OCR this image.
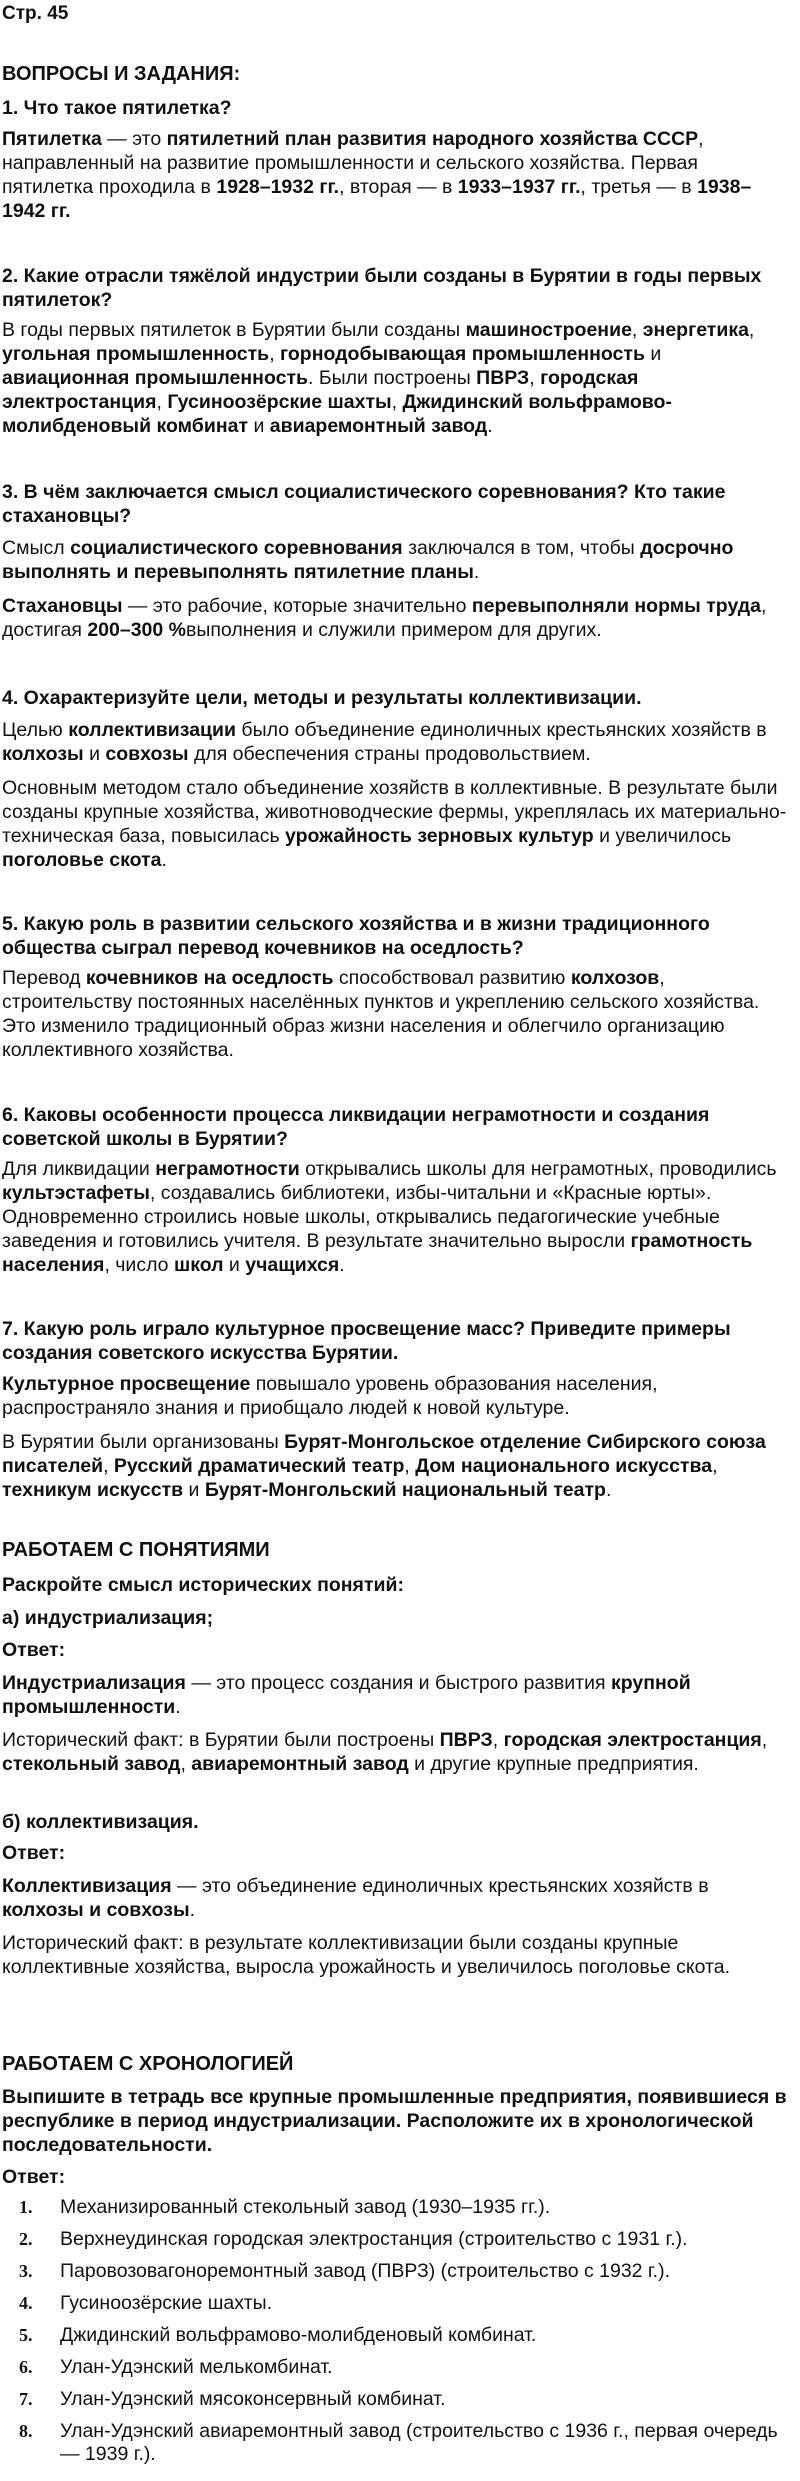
Стр. 45
ВОПРОСЫ И ЗАДАНИЯ:
1. Что такое пятилетка?
Пятилетка — это пятилетний план развития народного хозяйства СССР, направленный на развитие промышленности и сельского хозяйства. Первая пятилетка проходила в 1928–1932 гг., вторая — в 1933–1937 гг., третья — в 1938–1942 гг.
2. Какие отрасли тяжёлой индустрии были созданы в Бурятии в годы первых пятилеток?
В годы первых пятилеток в Бурятии были созданы машиностроение, энергетика, угольная промышленность, горнодобывающая промышленность и авиационная промышленность. Были построены ПВРЗ, городская электростанция, Гусиноозёрские шахты, Джидинский вольфрамово-молибденовый комбинат и авиаремонтный завод.
3. В чём заключается смысл социалистического соревнования? Кто такие стахановцы?
Смысл социалистического соревнования заключался в том, чтобы досрочно выполнять и перевыполнять пятилетние планы.
Стахановцы — это рабочие, которые значительно перевыполняли нормы труда, достигая 200–300 %выполнения и служили примером для других.
4. Охарактеризуйте цели, методы и результаты коллективизации.
Целью коллективизации было объединение единоличных крестьянских хозяйств в колхозы и совхозы для обеспечения страны продовольствием.
Основным методом стало объединение хозяйств в коллективные. В результате были созданы крупные хозяйства, животноводческие фермы, укреплялась их материально-техническая база, повысилась урожайность зерновых культур и увеличилось поголовье скота.
5. Какую роль в развитии сельского хозяйства и в жизни традиционного общества сыграл перевод кочевников на оседлость?
Перевод кочевников на оседлость способствовал развитию колхозов, строительству постоянных населённых пунктов и укреплению сельского хозяйства. Это изменило традиционный образ жизни населения и облегчило организацию коллективного хозяйства.
6. Каковы особенности процесса ликвидации неграмотности и создания советской школы в Бурятии?
Для ликвидации неграмотности открывались школы для неграмотных, проводились культэстафеты, создавались библиотеки, избы-читальни и «Красные юрты». Одновременно строились новые школы, открывались педагогические учебные заведения и готовились учителя. В результате значительно выросли грамотность населения, число школ и учащихся.
7. Какую роль играло культурное просвещение масс? Приведите примеры создания советского искусства Бурятии.
Культурное просвещение повышало уровень образования населения, распространяло знания и приобщало людей к новой культуре.
В Бурятии были организованы Бурят-Монгольское отделение Сибирского союза писателей, Русский драматический театр, Дом национального искусства, техникум искусств и Бурят-Монгольский национальный театр.
РАБОТАЕМ С ПОНЯТИЯМИ
Раскройте смысл исторических понятий:
а) индустриализация;
Ответ:
Индустриализация — это процесс создания и быстрого развития крупной промышленности.
Исторический факт: в Бурятии были построены ПВРЗ, городская электростанция, стекольный завод, авиаремонтный завод и другие крупные предприятия.
б) коллективизация.
Ответ:
Коллективизация — это объединение единоличных крестьянских хозяйств в колхозы и совхозы.
Исторический факт: в результате коллективизации были созданы крупные коллективные хозяйства, выросла урожайность и увеличилось поголовье скота.
РАБОТАЕМ С ХРОНОЛОГИЕЙ
Выпишите в тетрадь все крупные промышленные предприятия, появившиеся в республике в период индустриализации. Расположите их в хронологической последовательности.
Ответ:
1. Механизированный стекольный завод (1930–1935 гг.).
2. Верхнеудинская городская электростанция (строительство с 1931 г.).
3. Паровозовагоноремонтный завод (ПВРЗ) (строительство с 1932 г.).
4. Гусиноозёрские шахты.
5. Джидинский вольфрамово-молибденовый комбинат.
6. Улан-Удэнский мелькомбинат.
7. Улан-Удэнский мясоконсервный комбинат.
8. Улан-Удэнский авиаремонтный завод (строительство с 1936 г., первая очередь — 1939 г.).
